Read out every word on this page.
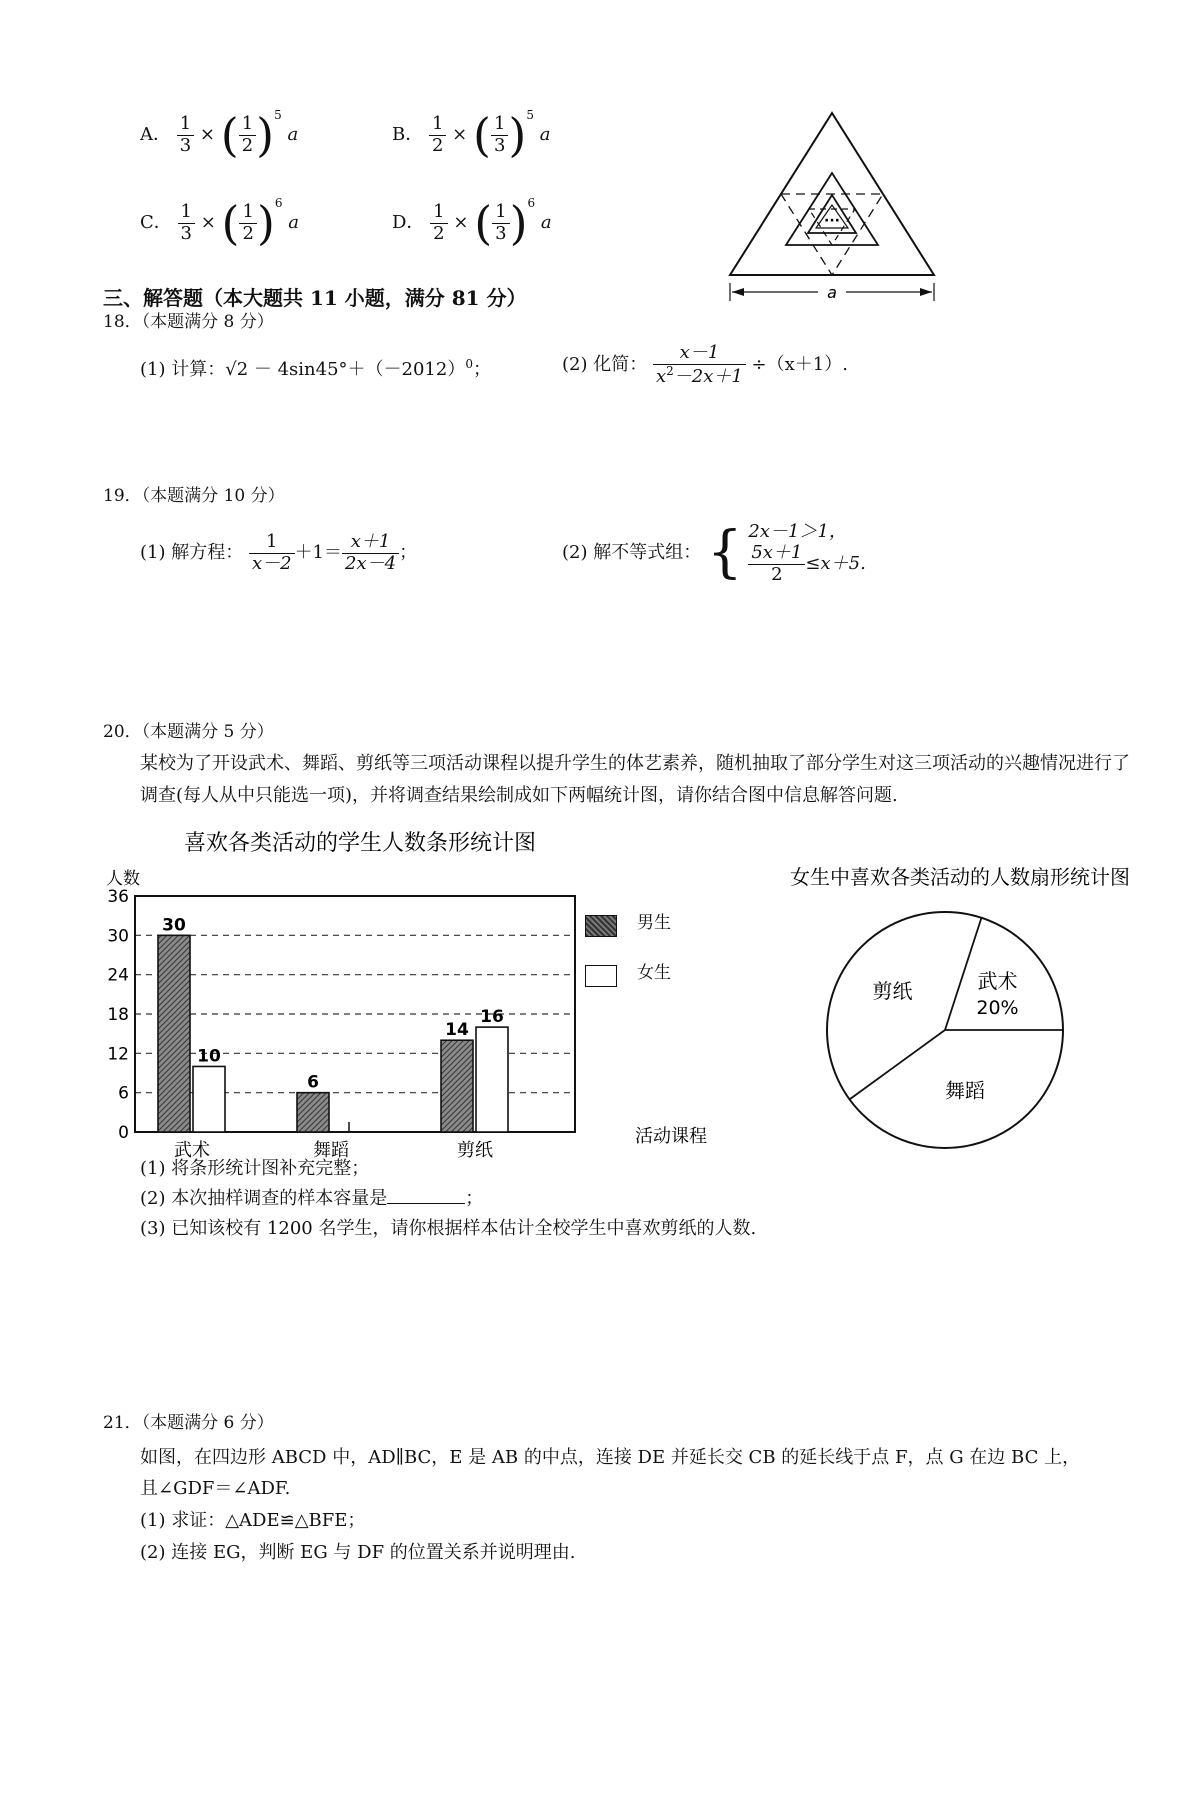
A． $\frac{1}{3}$ × ( $\frac{1}{2} )^5$ a	B． $\frac{1}{2}$ × ( $\frac{1}{3} )^5$ a
C． $\frac{1}{3}$ × ( $\frac{1}{2} )^6$ a	D． $\frac{1}{2}$ × ( $\frac{1}{3} )^6$ a	···
a
三、解答题（本大题共 11 小题，满分 81 分）
18．（本题满分 8 分）
(1) 计算：$√2 - 4\sin 45^\circ+(-2012)^0$；	(2) 化简： $\frac{x-1}{x^2-2x+1} \div(x+1)$.
19．（本题满分 10 分）
(1) 解方程： $\frac{1}{x-2} +1= \frac{x+1}{2x-4}$ ；	(2) 解不等式组： { 2x－1＞1，

$\frac{5x+1}{2} \le x+5$.
20．（本题满分 5 分）
某校为了开设武术、舞蹈、剪纸等三项活动课程以提升学生的体艺素养，随机抽取了部分学生对这三项活动的兴趣情况进行了调查(每人从中只能选一项)，并将调查结果绘制成如下两幅统计图，请你结合图中信息解答问题.
喜欢各类活动的学生人数条形统计图
人数
活动课程
0
6
12
18
24
30
36
30
10
6
14
16
武术	舞蹈	剪纸
男生
女生
女生中喜欢各类活动的人数扇形统计图
武术
20%
舞蹈
剪纸
(1) 将条形统计图补充完整；
(2) 本次抽样调查的样本容量是	；
(3) 已知该校有 1200 名学生，请你根据样本估计全校学生中喜欢剪纸的人数.
21．（本题满分 6 分）
如图，在四边形 ABCD 中，AD∥BC，E 是 AB 的中点，连接 DE 并延长交 CB 的延长线于点 F，点 G 在边 BC 上，
且∠GDF＝∠ADF.
(1) 求证：△ADE≌△BFE；
(2) 连接 EG，判断 EG 与 DF 的位置关系并说明理由.
